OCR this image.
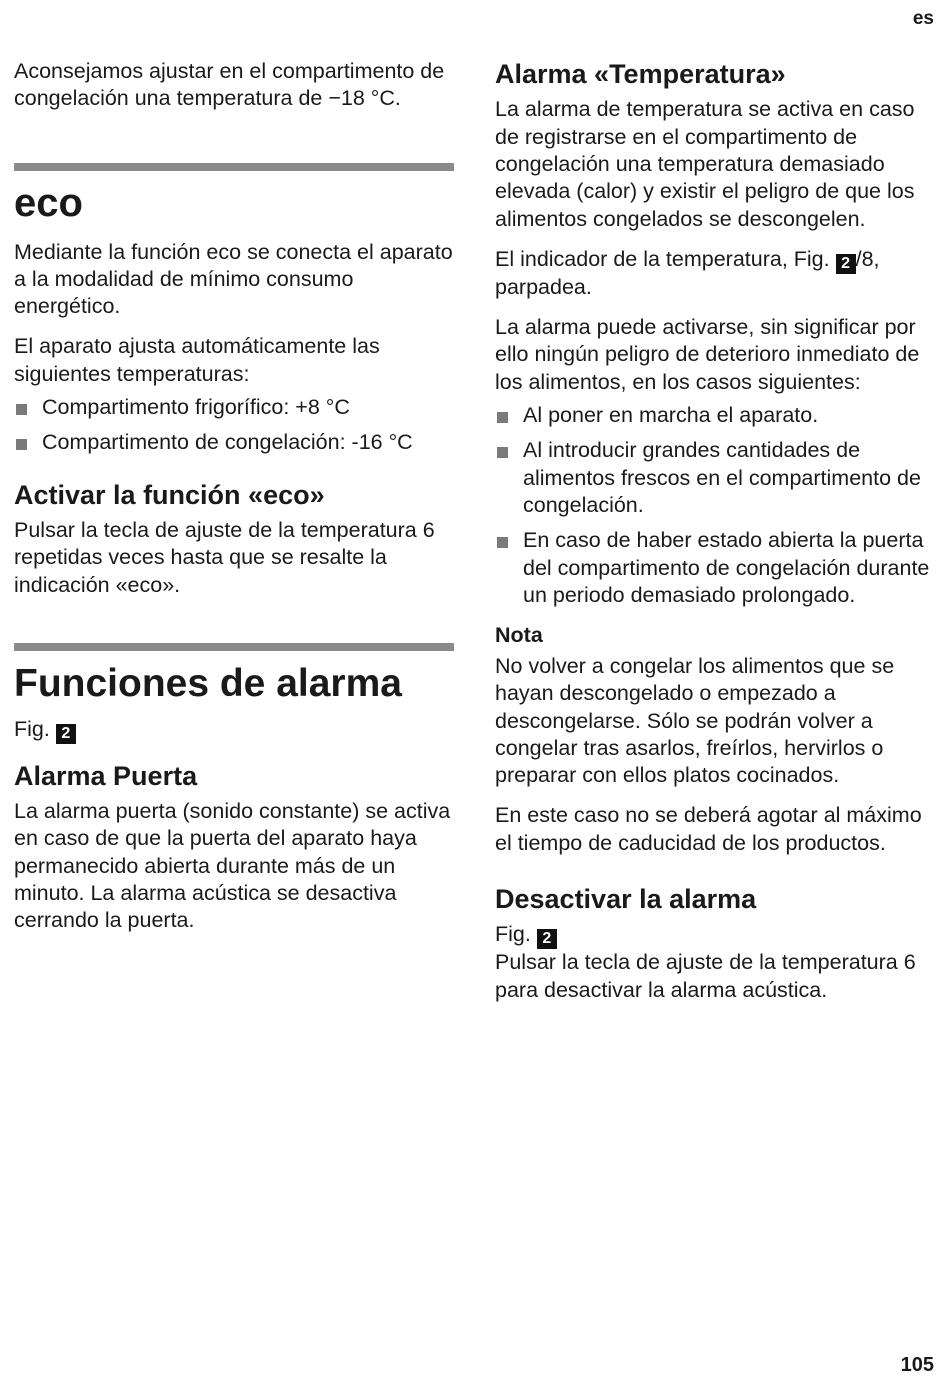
es

Aconsejamos ajustar en el compartimento de congelación una temperatura de −18 °C.

eco

Mediante la función eco se conecta el aparato a la modalidad de mínimo consumo energético.

El aparato ajusta automáticamente las siguientes temperaturas:

Compartimento frigorífico: +8 °C
Compartimento de congelación: -16 °C
Activar la función «eco»

Pulsar la tecla de ajuste de la temperatura 6 repetidas veces hasta que se resalte la indicación «eco».

Funciones de alarma

Fig. 2

Alarma Puerta

La alarma puerta (sonido constante) se activa en caso de que la puerta del aparato haya permanecido abierta durante más de un minuto. La alarma acústica se desactiva cerrando la puerta.

Alarma «Temperatura»

La alarma de temperatura se activa en caso de registrarse en el compartimento de congelación una temperatura demasiado elevada (calor) y existir el peligro de que los alimentos congelados se descongelen.

El indicador de la temperatura, Fig. 2 /8, parpadea.

La alarma puede activarse, sin significar por ello ningún peligro de deterioro inmediato de los alimentos, en los casos siguientes:

Al poner en marcha el aparato.
Al introducir grandes cantidades de alimentos frescos en el compartimento de congelación.
En caso de haber estado abierta la puerta del compartimento de congelación durante un periodo demasiado prolongado.
Nota

No volver a congelar los alimentos que se hayan descongelado o empezado a descongelarse. Sólo se podrán volver a congelar tras asarlos, freírlos, hervirlos o preparar con ellos platos cocinados.

En este caso no se deberá agotar al máximo el tiempo de caducidad de los productos.

Desactivar la alarma

Fig. 2

Pulsar la tecla de ajuste de la temperatura 6 para desactivar la alarma acústica.

105
